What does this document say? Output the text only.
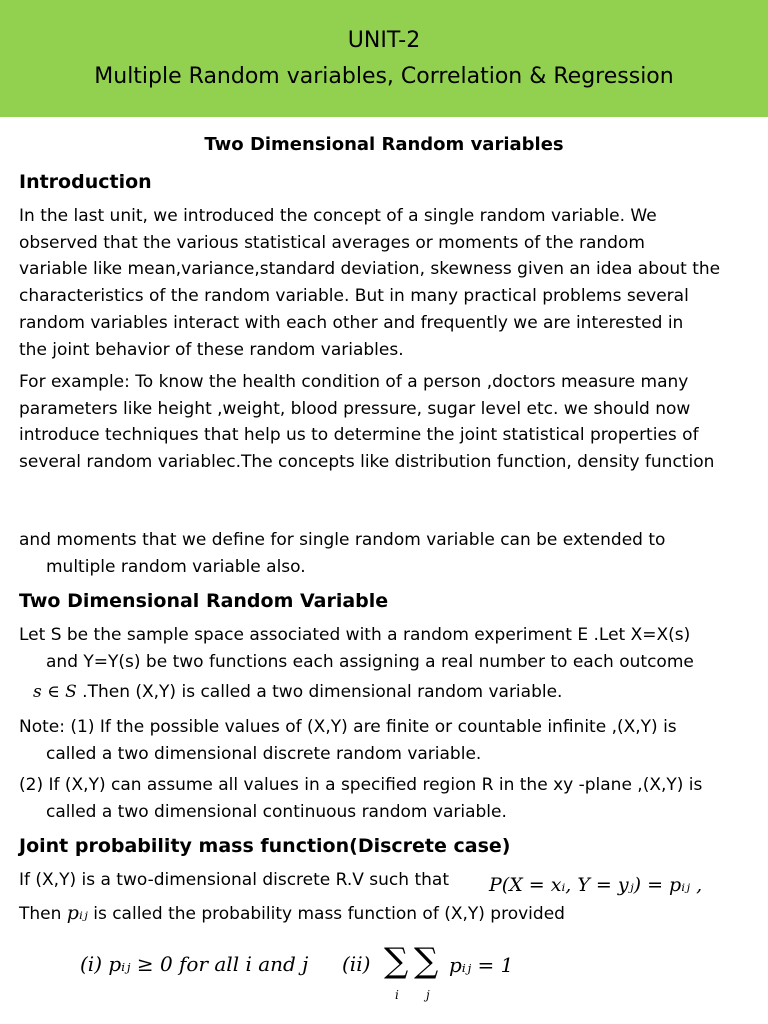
UNIT-2
Multiple Random variables, Correlation & Regression
Two Dimensional Random variables
Introduction
In the last unit, we introduced the concept of a single random variable. We
observed that the various statistical averages or moments of the random
variable like mean,variance,standard deviation, skewness given an idea about the
characteristics of the random variable. But in many practical problems several
random variables interact with each other and frequently we are interested in
the joint behavior of these random variables.
For example: To know the health condition of a person ,doctors measure many
parameters like height ,weight, blood pressure, sugar level etc. we should now
introduce techniques that help us to determine the joint statistical properties of
several random variablec.The concepts like distribution function, density function
and moments that we define for single random variable can be extended to
multiple random variable also.
Two Dimensional Random Variable
Let S be the sample space associated with a random experiment E .Let X=X(s)
and Y=Y(s) be two functions each assigning a real number to each outcome
s ∈ S .Then (X,Y) is called a two dimensional random variable.
Note: (1) If the possible values of (X,Y) are finite or countable infinite ,(X,Y) is
called a two dimensional discrete random variable.
(2) If (X,Y) can assume all values in a specified region R in the xy -plane ,(X,Y) is
called a two dimensional continuous random variable.
Joint probability mass function(Discrete case)
If (X,Y) is a two-dimensional discrete R.V such that P(X = xᵢ, Y = yⱼ) = pᵢⱼ ,
Then pᵢⱼ is called the probability mass function of (X,Y) provided
(i) pᵢⱼ ≥ 0 for all i and j (ii) ∑ ∑
i j
pᵢⱼ = 1
